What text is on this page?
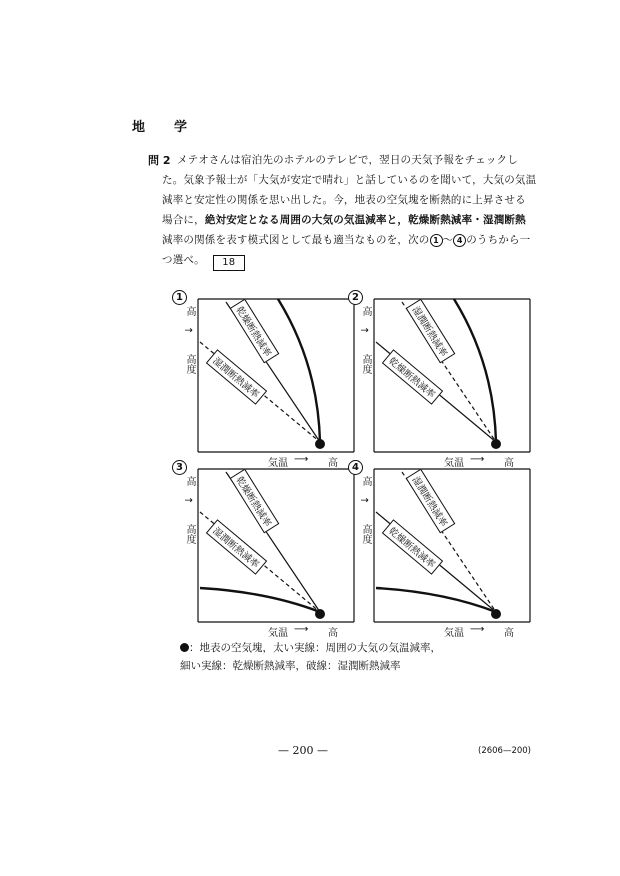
地　学
問 2 メテオさんは宿泊先のホテルのテレビで，翌日の天気予報をチェックし
た。気象予報士が「大気が安定で晴れ」と話しているのを聞いて，大気の気温
減率と安定性の関係を思い出した。今，地表の空気塊を断熱的に上昇させる
場合に，絶対安定となる周囲の大気の気温減率と，乾燥断熱減率・湿潤断熱
減率の関係を表す模式図として最も適当なものを，次の 1 〜 4 のうちから一
つ選べ。 18
1
高
↑
高度
気温 ⟶ 高
乾燥断熱減率
湿潤断熱減率
2
高
↑
高度
気温 ⟶ 高
湿潤断熱減率
乾燥断熱減率
3
高
↑
高度
気温 ⟶ 高
乾燥断熱減率
湿潤断熱減率
4
高
↑
高度
気温 ⟶ 高
湿潤断熱減率
乾燥断熱減率
：地表の空気塊，太い実線：周囲の大気の気温減率，
細い実線：乾燥断熱減率，破線：湿潤断熱減率
— 200 —	(2606—200)
